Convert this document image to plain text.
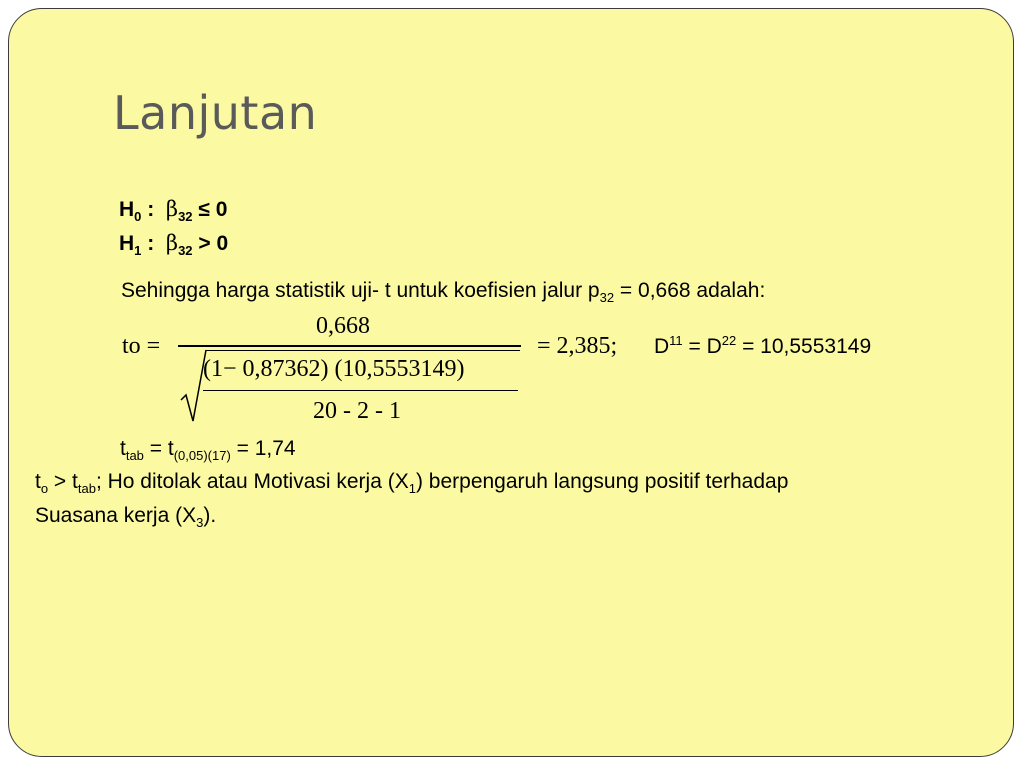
Lanjutan
$H_0$ :  $\beta_{32} \le 0$
$H_1$ :  $\beta_{32} > 0$
Sehingga harga statistik uji- t untuk koefisien jalur $p_{32} = 0,668$ adalah:
to =
0,668
(1− 0,87362) (10,5553149)
20 - 2 - 1
= 2,385; $D^{11} = D^{22} = 10,5553149$
$t_{tab} = t_{(0,05)(17)} = 1,74$
$t_o > t_{tab}$; Ho ditolak atau Motivasi kerja $(X_1)$ berpengaruh langsung positif terhadap
Suasana kerja $(X_3)$.
